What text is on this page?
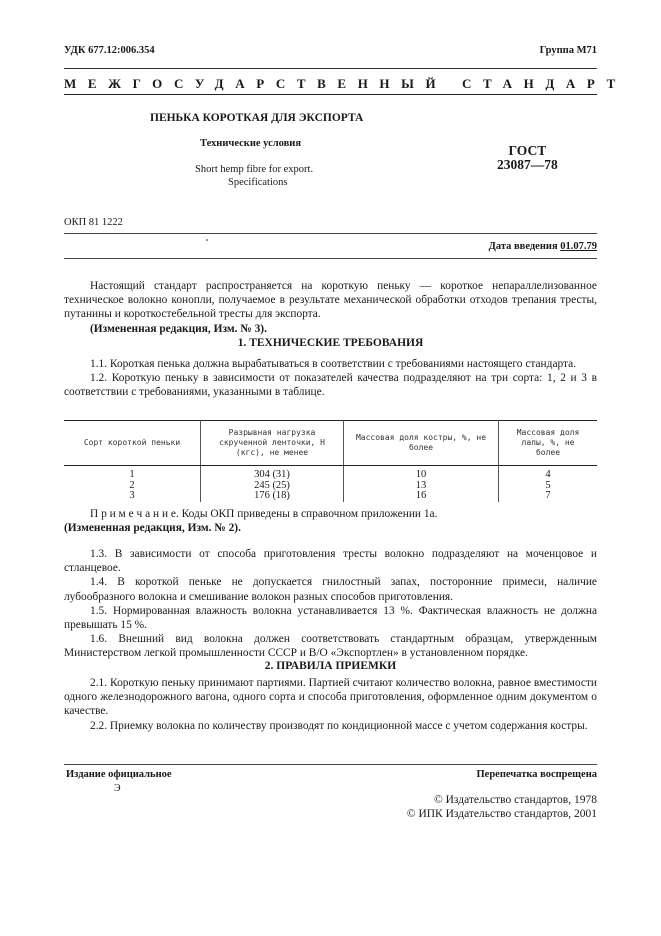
УДК 677.12:006.354	Группа М71
МЕЖГОСУДАРСТВЕННЫЙ СТАНДАРТ
ПЕНЬКА КОРОТКАЯ ДЛЯ ЭКСПОРТА
Технические условия
Short hemp fibre for export.
Specifications
ГОСТ
23087—78
ОКП 81 1222
Дата введения 01.07.79

Настоящий стандарт распространяется на короткую пеньку — короткое непараллелизованное техническое волокно конопли, получаемое в результате механической обработки отходов трепания тресты, путанины и короткостебельной тресты для экспорта.

(Измененная редакция, Изм. № 3).

1. ТЕХНИЧЕСКИЕ ТРЕБОВАНИЯ

1.1. Короткая пенька должна вырабатываться в соответствии с требованиями настоящего стандарта.

1.2. Короткую пеньку в зависимости от показателей качества подразделяют на три сорта: 1, 2 и 3 в соответствии с требованиями, указанными в таблице.

Сорт короткой пеньки	Разрывная нагрузка скрученной ленточки, Н (кгс), не менее	Массовая доля костры, %, не более	Массовая доля лапы, %, не более
1	304 (31)	10	4
2	245 (25)	13	5
3	176 (18)	16	7

П р и м е ч а н и е. Коды ОКП приведены в справочном приложении 1а.

(Измененная редакция, Изм. № 2).

1.3. В зависимости от способа приготовления тресты волокно подразделяют на моченцовое и стланцевое.

1.4. В короткой пеньке не допускается гнилостный запах, посторонние примеси, наличие лубообразного волокна и смешивание волокон разных способов приготовления.

1.5. Нормированная влажность волокна устанавливается 13 %. Фактическая влажность не должна превышать 15 %.

1.6. Внешний вид волокна должен соответствовать стандартным образцам, утвержденным Министерством легкой промышленности СССР и В/О «Экспортлен» в установленном порядке.

2. ПРАВИЛА ПРИЕМКИ

2.1. Короткую пеньку принимают партиями. Партией считают количество волокна, равное вместимости одного железнодорожного вагона, одного сорта и способа приготовления, оформленное одним документом о качестве.

2.2. Приемку волокна по количеству производят по кондиционной массе с учетом содержания костры.

Издание официальное
Э
Перепечатка воспрещена
© Издательство стандартов, 1978
© ИПК Издательство стандартов, 2001
